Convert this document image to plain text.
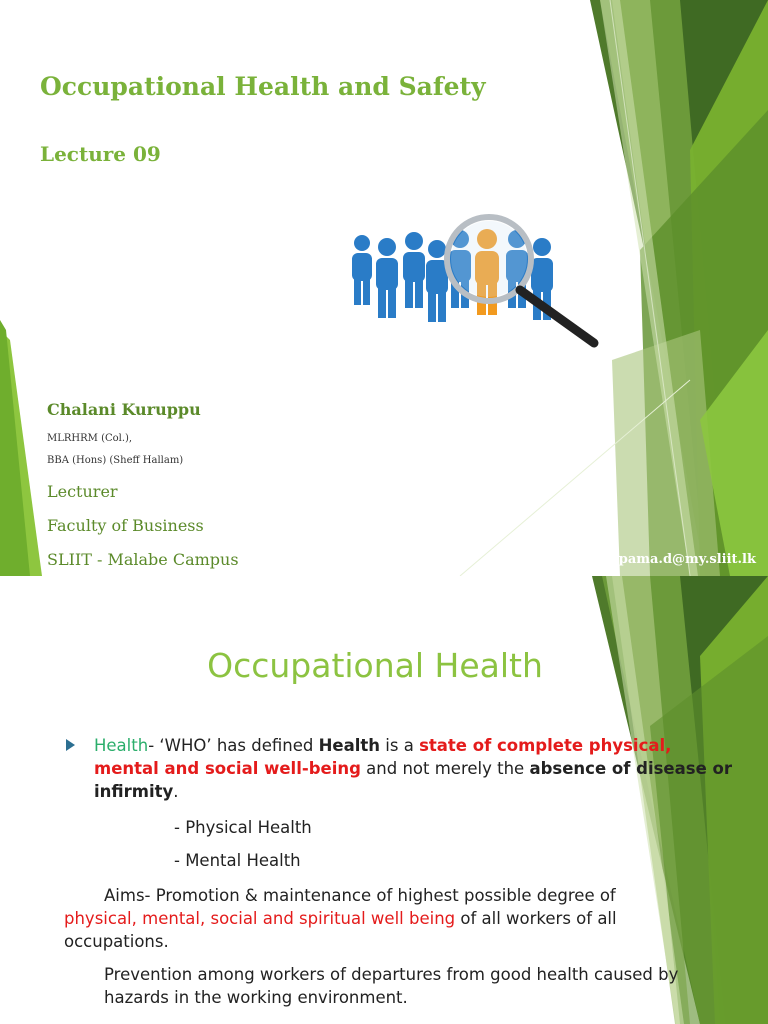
Occupational Health and Safety
Lecture 09
Chalani Kuruppu
MLRHRM (Col.),
BBA (Hons) (Sheff Hallam)
Lecturer
Faculty of Business
SLIIT - Malabe Campus	anupama.d@my.sliit.lk
Occupational Health
Health- ‘WHO’ has defined Health is a state of complete physical, mental and social well-being and not merely the absence of disease or infirmity.
- Physical Health
- Mental Health
Aims- Promotion & maintenance of highest possible degree of physical, mental, social and spiritual well being of all workers of all occupations.
Prevention among workers of departures from good health caused by hazards in the working environment.
